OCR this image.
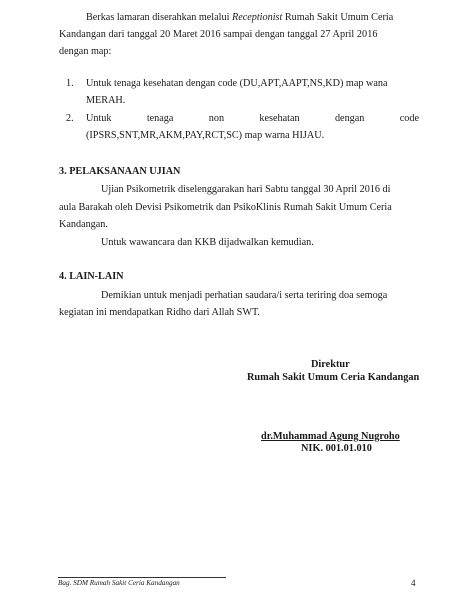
Berkas lamaran diserahkan melalui Receptionist Rumah Sakit Umum Ceria
Kandangan dari tanggal 20 Maret 2016 sampai dengan tanggal 27 April 2016
dengan map:
1. Untuk tenaga kesehatan dengan code (DU,APT,AAPT,NS,KD) map wana
MERAH.
2. Untuk	tenaga	non	kesehatan	dengan	code
(IPSRS,SNT,MR,AKM,PAY,RCT,SC) map warna HIJAU.
3. PELAKSANAAN UJIAN
Ujian Psikometrik diselenggarakan hari Sabtu tanggal 30 April 2016 di
aula Barakah oleh Devisi Psikometrik dan PsikoKlinis Rumah Sakit Umum Ceria
Kandangan.
Untuk wawancara dan KKB dijadwalkan kemudian.
4. LAIN-LAIN
Demikian untuk menjadi perhatian saudara/i serta teriring doa semoga
kegiatan ini mendapatkan Ridho dari Allah SWT.
Direktur
Rumah Sakit Umum Ceria Kandangan
dr.Muhammad Agung Nugroho
NIK. 001.01.010
Bag. SDM Rumah Sakit Ceria Kandangan	4
